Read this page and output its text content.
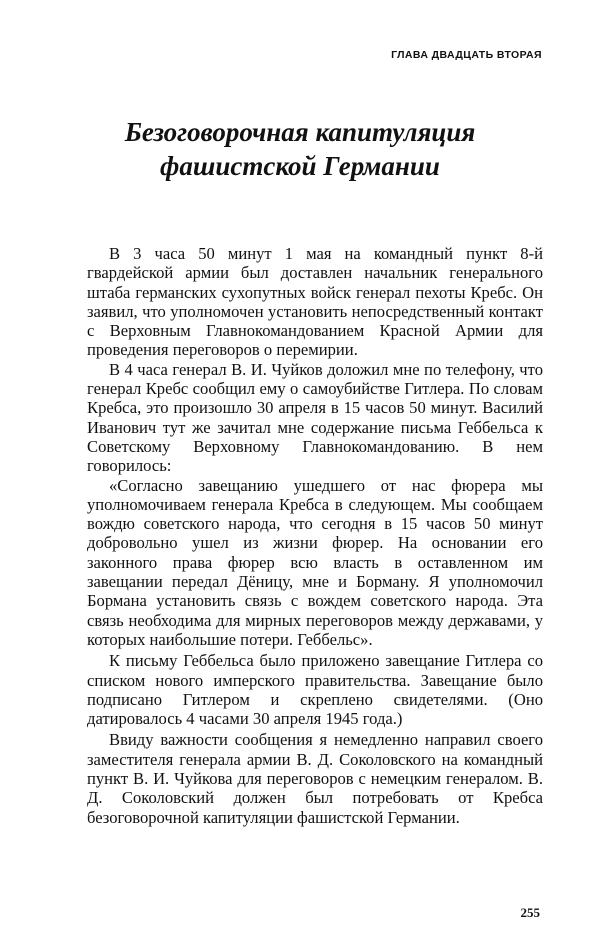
ГЛАВА ДВАДЦАТЬ ВТОРАЯ
Безоговорочная капитуляция
фашистской Германии

В 3 часа 50 минут 1 мая на командный пункт 8-й гвардейской армии был доставлен начальник генерального штаба германских сухопутных войск генерал пехоты Кребс. Он заявил, что уполномочен установить непосредственный контакт с Верховным Главнокомандованием Красной Армии для проведения переговоров о перемирии.

В 4 часа генерал В. И. Чуйков доложил мне по телефону, что генерал Кребс сообщил ему о самоубийстве Гитлера. По словам Кребса, это произошло 30 апреля в 15 часов 50 минут. Василий Иванович тут же зачитал мне содержание письма Геббельса к Советскому Верховному Главнокомандованию. В нем говорилось:

«Согласно завещанию ушедшего от нас фюрера мы уполномочиваем генерала Кребса в следующем. Мы сообщаем вождю советского народа, что сегодня в 15 часов 50 минут добровольно ушел из жизни фюрер. На основании его законного права фюрер всю власть в оставленном им завещании передал Дёницу, мне и Борману. Я уполномочил Бормана установить связь с вождем советского народа. Эта связь необходима для мирных переговоров между державами, у которых наибольшие потери. Геббельс».

К письму Геббельса было приложено завещание Гитлера со списком нового имперского правительства. Завещание было подписано Гитлером и скреплено свидетелями. (Оно датировалось 4 часами 30 апреля 1945 года.)

Ввиду важности сообщения я немедленно направил своего заместителя генерала армии В. Д. Соколовского на командный пункт В. И. Чуйкова для переговоров с немецким генералом. В. Д. Соколовский должен был потребовать от Кребса безоговорочной капитуляции фашистской Германии.

255
